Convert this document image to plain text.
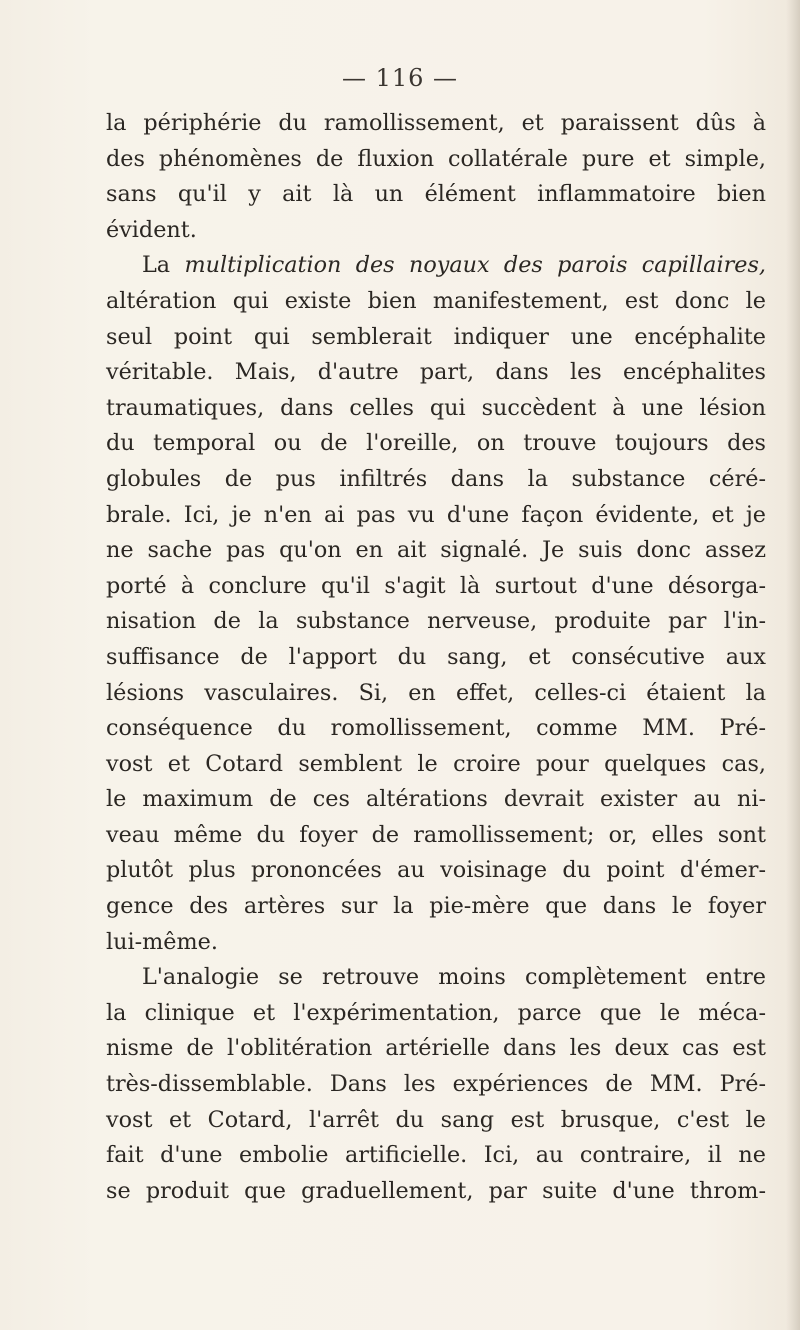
— 116 —
la périphérie du ramollissement, et paraissent dûs à
des phénomènes de fluxion collatérale pure et simple,
sans qu'il y ait là un élément inflammatoire bien
évident.
La multiplication des noyaux des parois capillaires,
altération qui existe bien manifestement, est donc le
seul point qui semblerait indiquer une encéphalite
véritable. Mais, d'autre part, dans les encéphalites
traumatiques, dans celles qui succèdent à une lésion
du temporal ou de l'oreille, on trouve toujours des
globules de pus infiltrés dans la substance céré-
brale. Ici, je n'en ai pas vu d'une façon évidente, et je
ne sache pas qu'on en ait signalé. Je suis donc assez
porté à conclure qu'il s'agit là surtout d'une désorga-
nisation de la substance nerveuse, produite par l'in-
suffisance de l'apport du sang, et consécutive aux
lésions vasculaires. Si, en effet, celles-ci étaient la
conséquence du romollissement, comme MM. Pré-
vost et Cotard semblent le croire pour quelques cas,
le maximum de ces altérations devrait exister au ni-
veau même du foyer de ramollissement; or, elles sont
plutôt plus prononcées au voisinage du point d'émer-
gence des artères sur la pie-mère que dans le foyer
lui-même.
L'analogie se retrouve moins complètement entre
la clinique et l'expérimentation, parce que le méca-
nisme de l'oblitération artérielle dans les deux cas est
très-dissemblable. Dans les expériences de MM. Pré-
vost et Cotard, l'arrêt du sang est brusque, c'est le
fait d'une embolie artificielle. Ici, au contraire, il ne
se produit que graduellement, par suite d'une throm-
